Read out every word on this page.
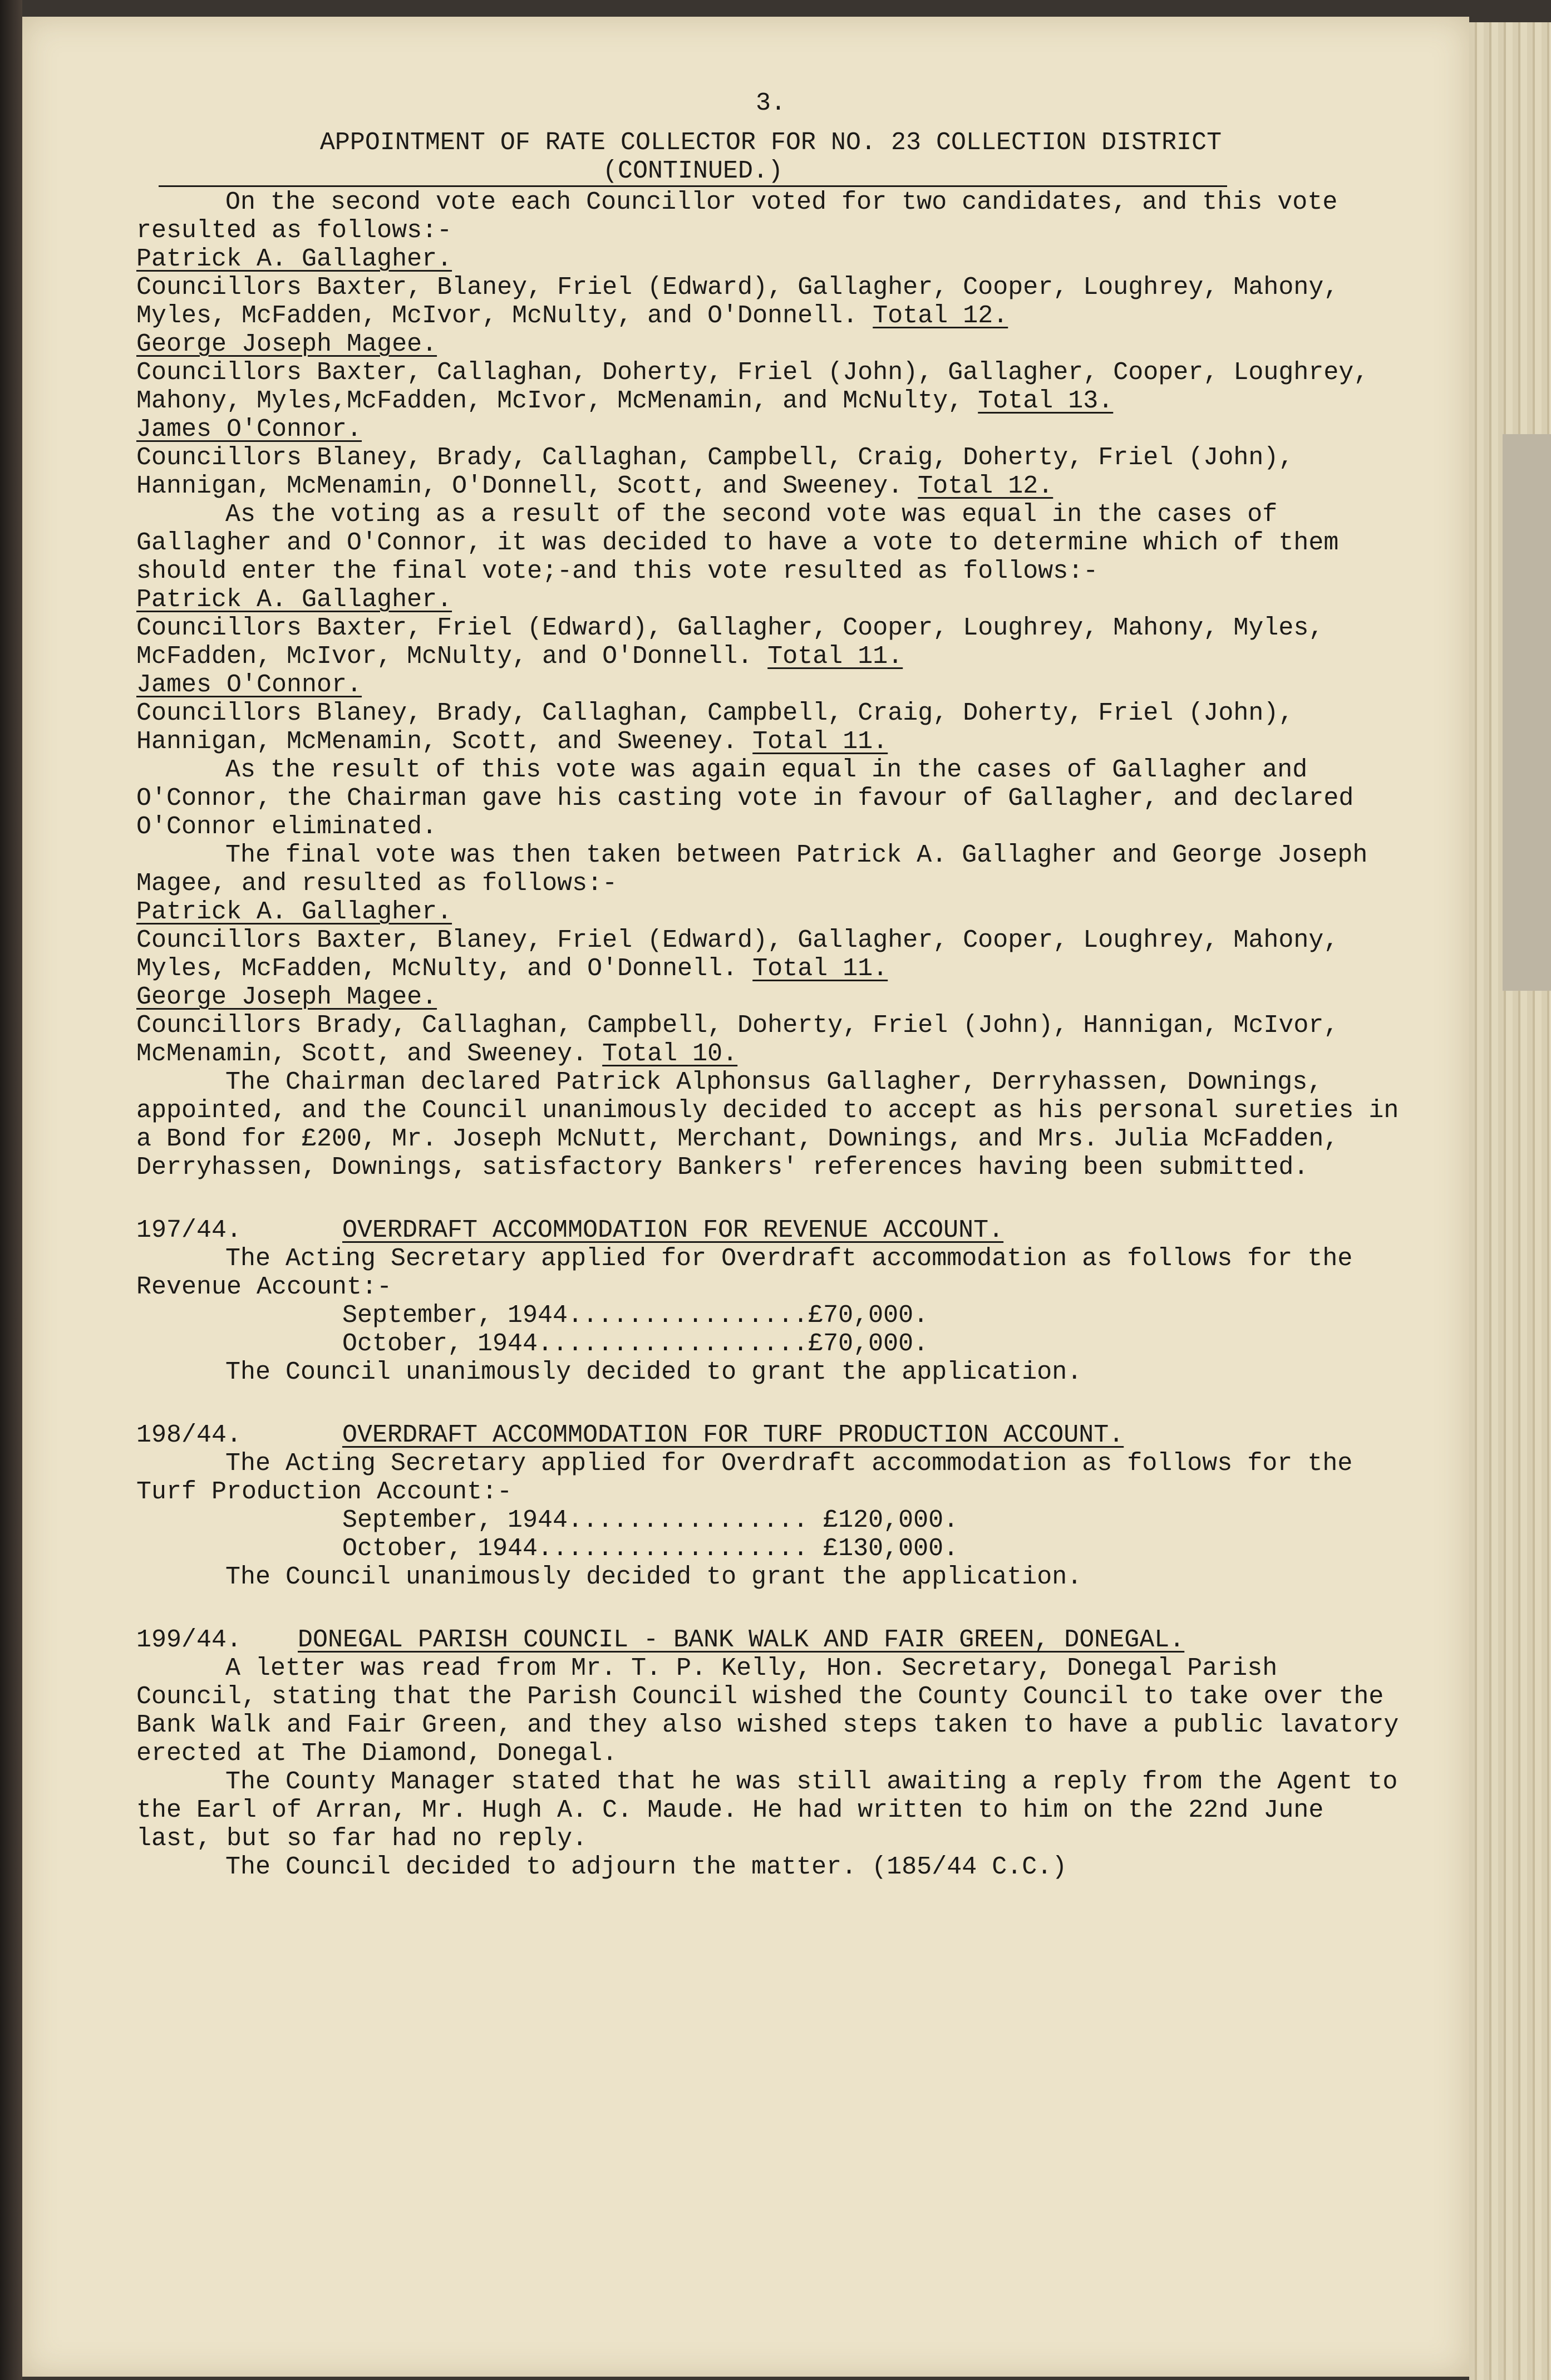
3.
APPOINTMENT OF RATE COLLECTOR FOR NO. 23 COLLECTION DISTRICT
(CONTINUED.)

On the second vote each Councillor voted for two candidates, and this vote resulted as follows:-

Patrick A. Gallagher.
Councillors Baxter, Blaney, Friel (Edward), Gallagher, Cooper, Loughrey, Mahony, Myles, McFadden, McIvor, McNulty, and O'Donnell. Total 12.
George Joseph Magee.
Councillors Baxter, Callaghan, Doherty, Friel (John), Gallagher, Cooper, Loughrey, Mahony, Myles,McFadden, McIvor, McMenamin, and McNulty, Total 13.
James O'Connor.
Councillors Blaney, Brady, Callaghan, Campbell, Craig, Doherty, Friel (John), Hannigan, McMenamin, O'Donnell, Scott, and Sweeney. Total 12.

As the voting as a result of the second vote was equal in the cases of Gallagher and O'Connor, it was decided to have a vote to determine which of them should enter the final vote;-and this vote resulted as follows:-

Patrick A. Gallagher.
Councillors Baxter, Friel (Edward), Gallagher, Cooper, Loughrey, Mahony, Myles, McFadden, McIvor, McNulty, and O'Donnell. Total 11.
James O'Connor.
Councillors Blaney, Brady, Callaghan, Campbell, Craig, Doherty, Friel (John), Hannigan, McMenamin, Scott, and Sweeney. Total 11.

As the result of this vote was again equal in the cases of Gallagher and O'Connor, the Chairman gave his casting vote in favour of Gallagher, and declared O'Connor eliminated.

The final vote was then taken between Patrick A. Gallagher and George Joseph Magee, and resulted as follows:-

Patrick A. Gallagher.
Councillors Baxter, Blaney, Friel (Edward), Gallagher, Cooper, Loughrey, Mahony, Myles, McFadden, McNulty, and O'Donnell. Total 11.
George Joseph Magee.
Councillors Brady, Callaghan, Campbell, Doherty, Friel (John), Hannigan, McIvor, McMenamin, Scott, and Sweeney. Total 10.

The Chairman declared Patrick Alphonsus Gallagher, Derryhassen, Downings, appointed, and the Council unanimously decided to accept as his personal sureties in a Bond for £200, Mr. Joseph McNutt, Merchant, Downings, and Mrs. Julia McFadden, Derryhassen, Downings, satisfactory Bankers' references having been submitted.

197/44.	OVERDRAFT ACCOMMODATION FOR REVENUE ACCOUNT.

The Acting Secretary applied for Overdraft accommodation as follows for the Revenue Account:-

September, 1944................£70,000.
October, 1944..................£70,000.

The Council unanimously decided to grant the application.

198/44.	OVERDRAFT ACCOMMODATION FOR TURF PRODUCTION ACCOUNT.

The Acting Secretary applied for Overdraft accommodation as follows for the Turf Production Account:-

September, 1944................ £120,000.
October, 1944.................. £130,000.

The Council unanimously decided to grant the application.

199/44.	DONEGAL PARISH COUNCIL - BANK WALK AND FAIR GREEN, DONEGAL.

A letter was read from Mr. T. P. Kelly, Hon. Secretary, Donegal Parish Council, stating that the Parish Council wished the County Council to take over the Bank Walk and Fair Green, and they also wished steps taken to have a public lavatory erected at The Diamond, Donegal.

The County Manager stated that he was still awaiting a reply from the Agent to the Earl of Arran, Mr. Hugh A. C. Maude. He had written to him on the 22nd June last, but so far had no reply.

The Council decided to adjourn the matter. (185/44 C.C.)
